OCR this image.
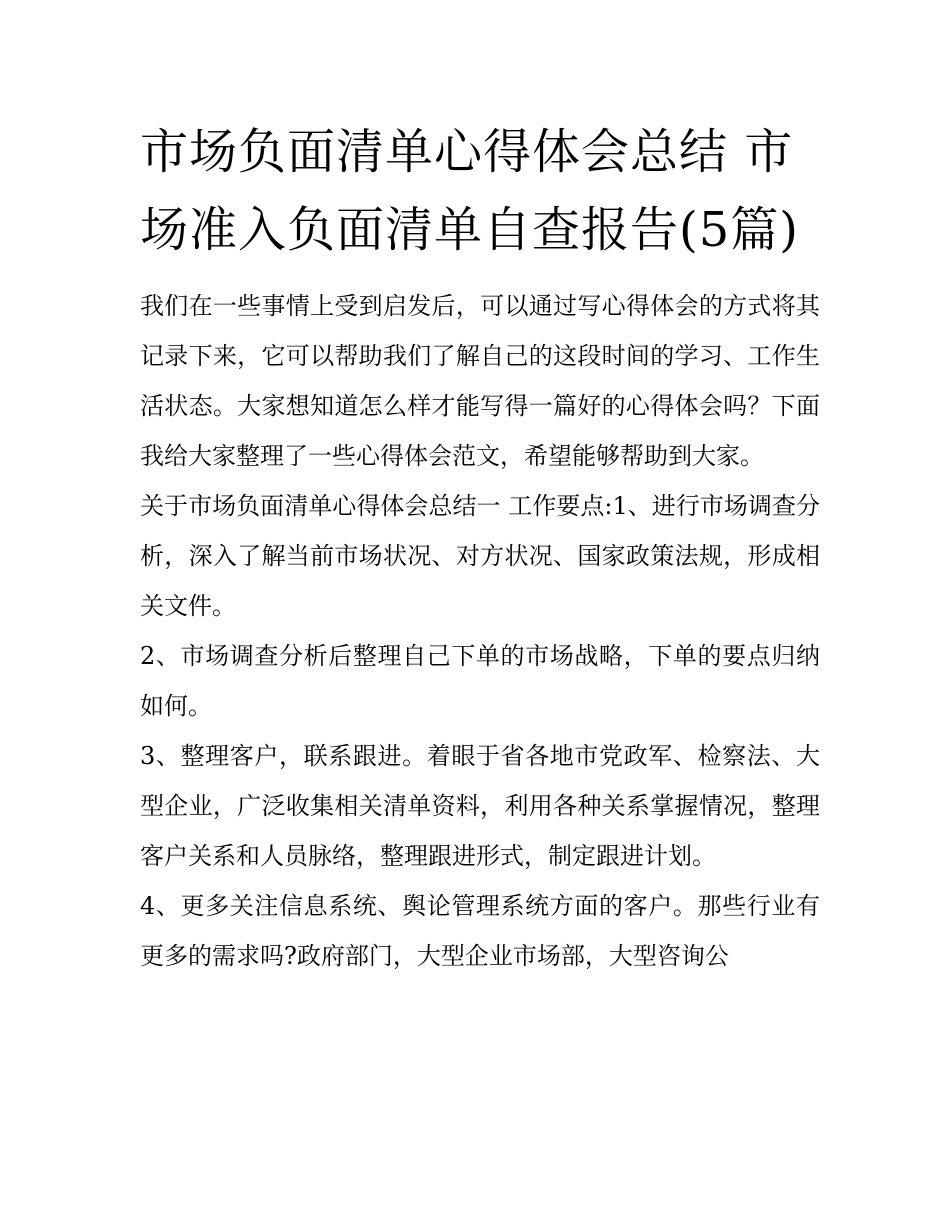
市场负面清单心得体会总结 市场准入负面清单自查报告(5篇)

我们在一些事情上受到启发后，可以通过写心得体会的方式将其记录下来，它可以帮助我们了解自己的这段时间的学习、工作生活状态。大家想知道怎么样才能写得一篇好的心得体会吗？下面我给大家整理了一些心得体会范文，希望能够帮助到大家。

关于市场负面清单心得体会总结一 工作要点:1、进行市场调查分析，深入了解当前市场状况、对方状况、国家政策法规，形成相关文件。

2、市场调查分析后整理自己下单的市场战略，下单的要点归纳如何。

3、整理客户，联系跟进。着眼于省各地市党政军、检察法、大型企业，广泛收集相关清单资料，利用各种关系掌握情况，整理客户关系和人员脉络，整理跟进形式，制定跟进计划。

4、更多关注信息系统、舆论管理系统方面的客户。那些行业有更多的需求吗?政府部门，大型企业市场部，大型咨询公
